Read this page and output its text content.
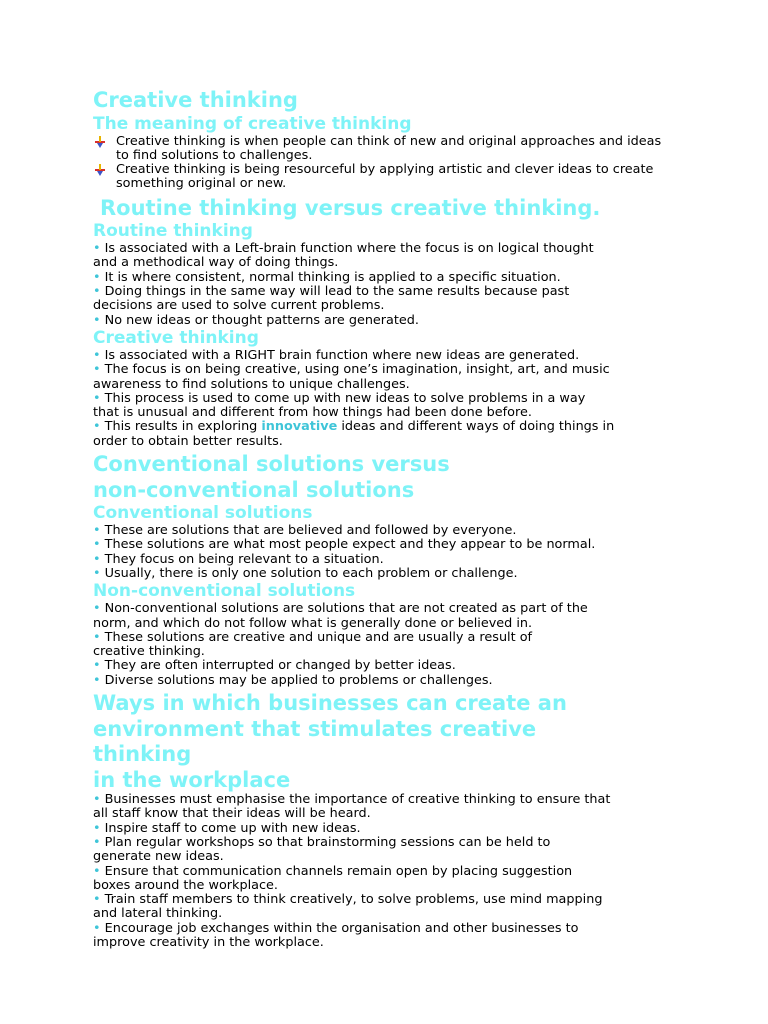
Creative thinking
The meaning of creative thinking
Creative thinking is when people can think of new and original approaches and ideas
to find solutions to challenges.
Creative thinking is being resourceful by applying artistic and clever ideas to create
something original or new.
Routine thinking versus creative thinking.
Routine thinking
• Is associated with a Left-brain function where the focus is on logical thought
and a methodical way of doing things.
• It is where consistent, normal thinking is applied to a specific situation.
• Doing things in the same way will lead to the same results because past
decisions are used to solve current problems.
• No new ideas or thought patterns are generated.
Creative thinking
• Is associated with a RIGHT brain function where new ideas are generated.
• The focus is on being creative, using one’s imagination, insight, art, and music
awareness to find solutions to unique challenges.
• This process is used to come up with new ideas to solve problems in a way
that is unusual and different from how things had been done before.
• This results in exploring innovative ideas and different ways of doing things in
order to obtain better results.
Conventional solutions versus
non-conventional solutions
Conventional solutions
• These are solutions that are believed and followed by everyone.
• These solutions are what most people expect and they appear to be normal.
• They focus on being relevant to a situation.
• Usually, there is only one solution to each problem or challenge.
Non-conventional solutions
• Non-conventional solutions are solutions that are not created as part of the
norm, and which do not follow what is generally done or believed in.
• These solutions are creative and unique and are usually a result of
creative thinking.
• They are often interrupted or changed by better ideas.
• Diverse solutions may be applied to problems or challenges.
Ways in which businesses can create an
environment that stimulates creative
thinking
in the workplace
• Businesses must emphasise the importance of creative thinking to ensure that
all staff know that their ideas will be heard.
• Inspire staff to come up with new ideas.
• Plan regular workshops so that brainstorming sessions can be held to
generate new ideas.
• Ensure that communication channels remain open by placing suggestion
boxes around the workplace.
• Train staff members to think creatively, to solve problems, use mind mapping
and lateral thinking.
• Encourage job exchanges within the organisation and other businesses to
improve creativity in the workplace.
